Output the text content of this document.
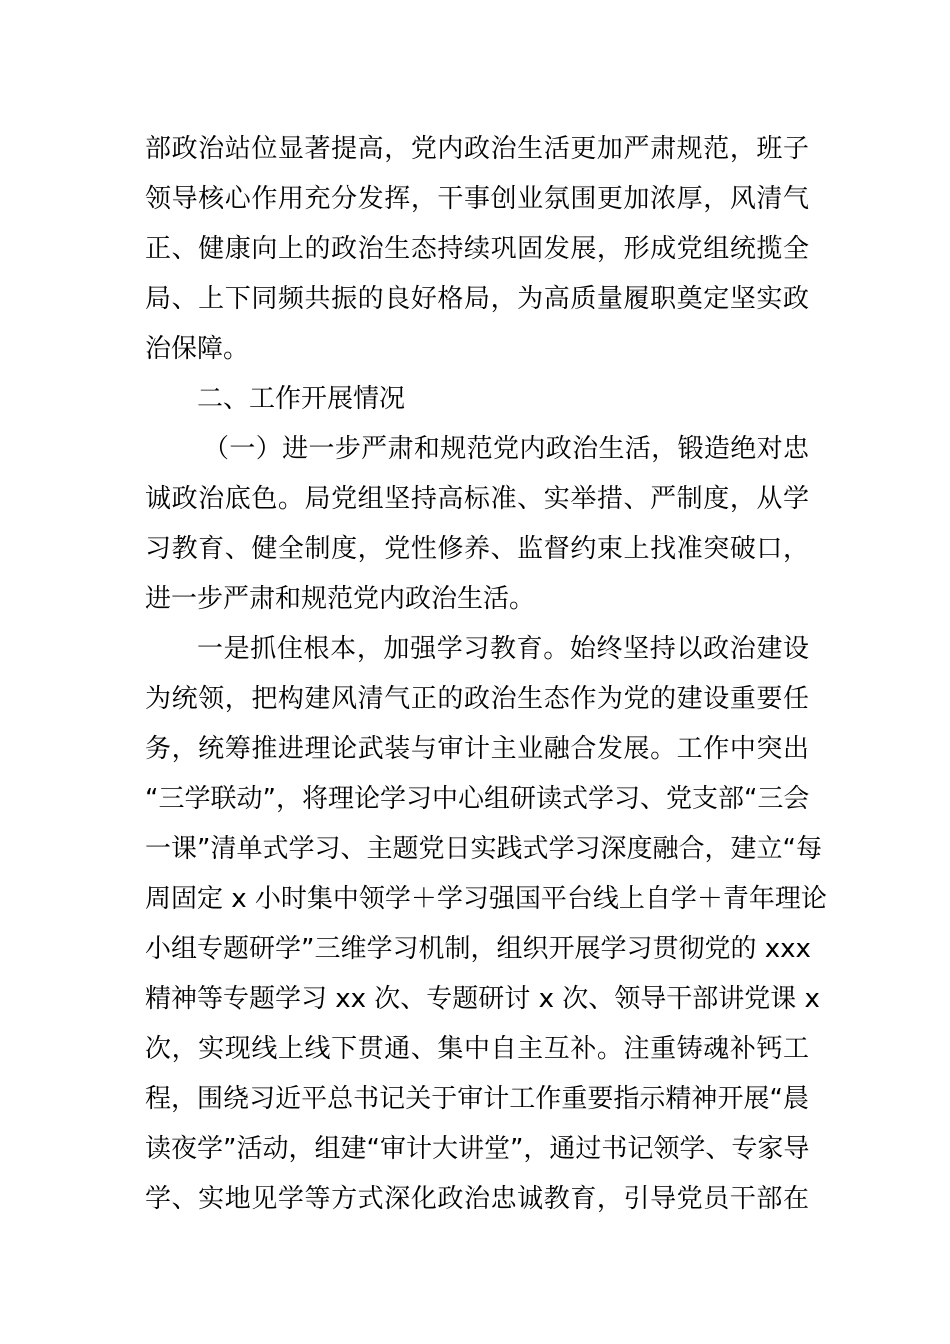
部政治站位显著提高，党内政治生活更加严肃规范，班子
领导核心作用充分发挥，干事创业氛围更加浓厚，风清气
正、健康向上的政治生态持续巩固发展，形成党组统揽全
局、上下同频共振的良好格局，为高质量履职奠定坚实政
治保障。
二、工作开展情况
（一）进一步严肃和规范党内政治生活，锻造绝对忠
诚政治底色。局党组坚持高标准、实举措、严制度，从学
习教育、健全制度，党性修养、监督约束上找准突破口，
进一步严肃和规范党内政治生活。
一是抓住根本，加强学习教育。始终坚持以政治建设
为统领，把构建风清气正的政治生态作为党的建设重要任
务，统筹推进理论武装与审计主业融合发展。工作中突出
“三学联动”，将理论学习中心组研读式学习、党支部“三会
一课”清单式学习、主题党日实践式学习深度融合，建立“每
周固定 x 小时集中领学＋学习强国平台线上自学＋青年理论
小组专题研学”三维学习机制，组织开展学习贯彻党的 xxx
精神等专题学习 xx 次、专题研讨 x 次、领导干部讲党课 x
次，实现线上线下贯通、集中自主互补。注重铸魂补钙工
程，围绕习近平总书记关于审计工作重要指示精神开展“晨
读夜学”活动，组建“审计大讲堂”，通过书记领学、专家导
学、实地见学等方式深化政治忠诚教育，引导党员干部在
